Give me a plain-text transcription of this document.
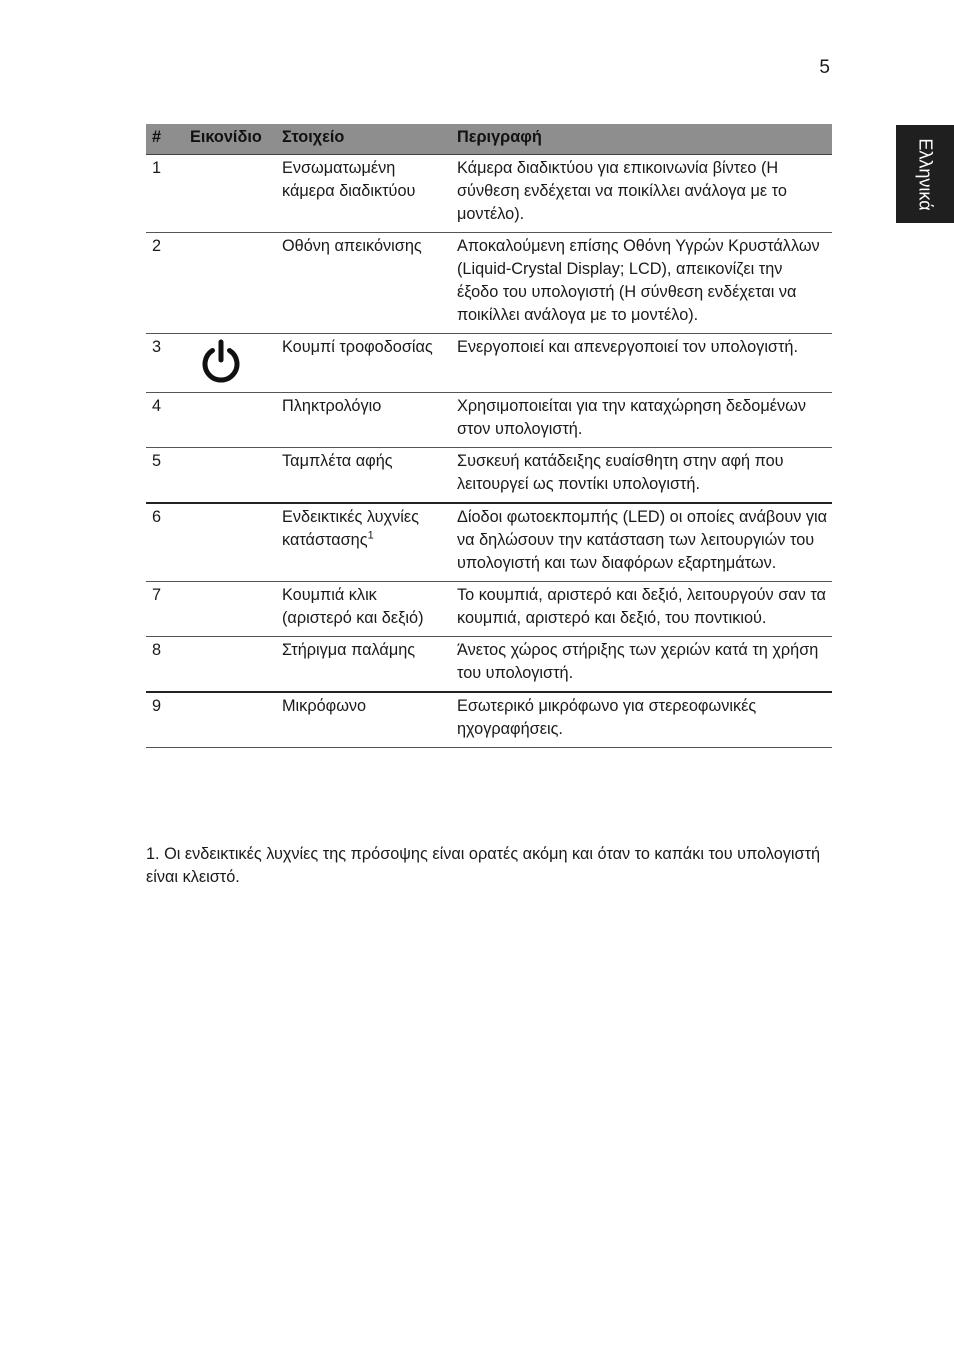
5
Ελληνικά
#	Εικονίδιο	Στοιχείο	Περιγραφή
1		Ενσωματωμένη κάμερα διαδικτύου	Κάμερα διαδικτύου για επικοινωνία βίντεο (Η σύνθεση ενδέχεται να ποικίλλει ανάλογα με το μοντέλο).
2		Οθόνη απεικόνισης	Αποκαλούμενη επίσης Οθόνη Υγρών Κρυστάλλων (Liquid-Crystal Display; LCD), απεικονίζει την έξοδο του υπολογιστή (Η σύνθεση ενδέχεται να ποικίλλει ανάλογα με το μοντέλο).
3		Κουμπί τροφοδοσίας	Ενεργοποιεί και απενεργοποιεί τον υπολογιστή.
4		Πληκτρολόγιο	Χρησιμοποιείται για την καταχώρηση δεδομένων στον υπολογιστή.
5		Ταμπλέτα αφής	Συσκευή κατάδειξης ευαίσθητη στην αφή που λειτουργεί ως ποντίκι υπολογιστή.
6		Ενδεικτικές λυχνίες κατάστασης$^1$	Δίοδοι φωτοεκπομπής (LED) οι οποίες ανάβουν για να δηλώσουν την κατάσταση των λειτουργιών του υπολογιστή και των διαφόρων εξαρτημάτων.
7		Κουμπιά κλικ (αριστερό και δεξιό)	Το κουμπιά, αριστερό και δεξιό, λειτουργούν σαν τα κουμπιά, αριστερό και δεξιό, του ποντικιού.
8		Στήριγμα παλάμης	Άνετος χώρος στήριξης των χεριών κατά τη χρήση του υπολογιστή.
9		Μικρόφωνο	Εσωτερικό μικρόφωνο για στερεοφωνικές ηχογραφήσεις.
1. Οι ενδεικτικές λυχνίες της πρόσοψης είναι ορατές ακόμη και όταν το καπάκι του υπολογιστή είναι κλειστό.
